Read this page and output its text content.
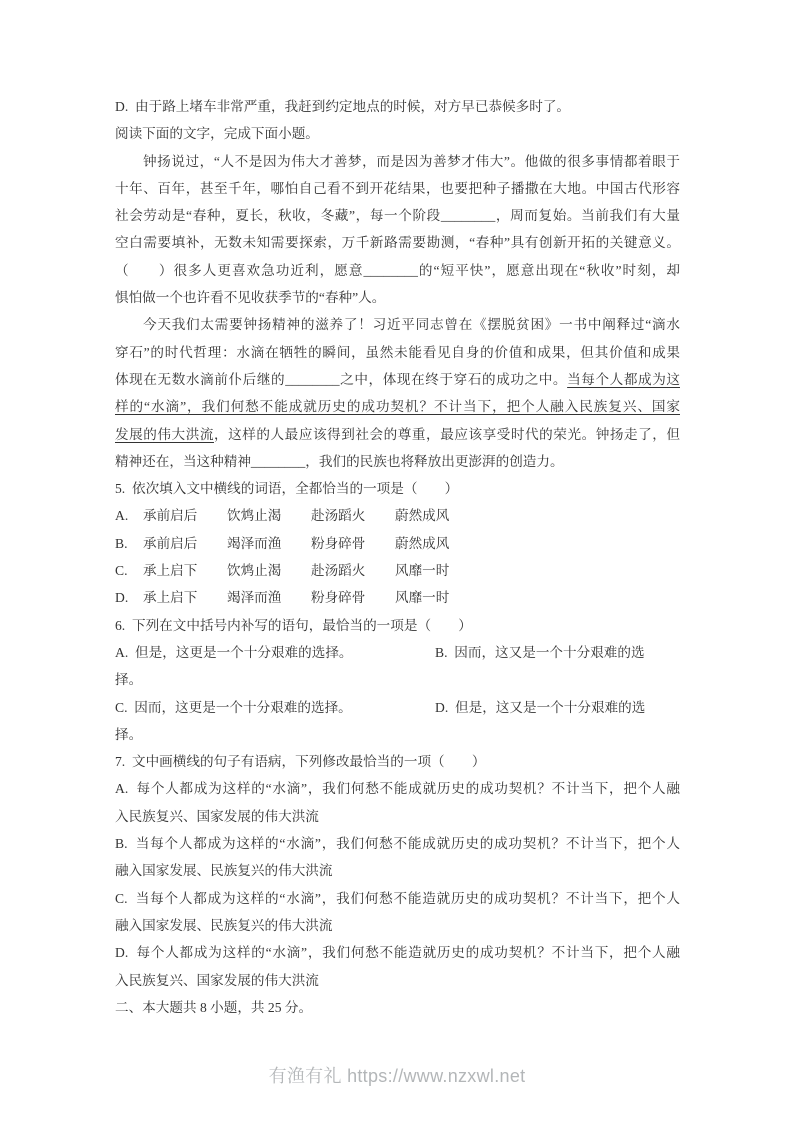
D.  由于路上堵车非常严重，我赶到约定地点的时候，对方早已恭候多时了。
阅读下面的文字，完成下面小题。
钟扬说过，“人不是因为伟大才善梦，而是因为善梦才伟大”。他做的很多事情都着眼于
十年、百年，甚至千年，哪怕自己看不到开花结果，也要把种子播撒在大地。中国古代形容
社会劳动是“春种，夏长，秋收，冬藏”，每一个阶段________，周而复始。当前我们有大量
空白需要填补，无数未知需要探索，万千新路需要勘测，“春种”具有创新开拓的关键意义。
（　　）很多人更喜欢急功近利，愿意________的“短平快”，愿意出现在“秋收”时刻，却
惧怕做一个也许看不见收获季节的“春种”人。
今天我们太需要钟扬精神的滋养了！习近平同志曾在《摆脱贫困》一书中阐释过“滴水
穿石”的时代哲理：水滴在牺牲的瞬间，虽然未能看见自身的价值和成果，但其价值和成果
体现在无数水滴前仆后继的________之中，体现在终于穿石的成功之中。当每个人都成为这
样的“水滴”，我们何愁不能成就历史的成功契机？不计当下，把个人融入民族复兴、国家
发展的伟大洪流，这样的人最应该得到社会的尊重，最应该享受时代的荣光。钟扬走了，但
精神还在，当这种精神________，我们的民族也将释放出更澎湃的创造力。
5.  依次填入文中横线的词语，全都恰当的一项是（　　）
A.	承前启后	饮鸩止渴	赴汤蹈火	蔚然成风
B.	承前启后	竭泽而渔	粉身碎骨	蔚然成风
C.	承上启下	饮鸩止渴	赴汤蹈火	风靡一时
D.	承上启下	竭泽而渔	粉身碎骨	风靡一时
6.  下列在文中括号内补写的语句，最恰当的一项是（　　）
A.  但是，这更是一个十分艰难的选择。	B.  因而，这又是一个十分艰难的选
择。
C.  因而，这更是一个十分艰难的选择。	D.  但是，这又是一个十分艰难的选
择。
7.  文中画横线的句子有语病，下列修改最恰当的一项（　　）
A.  每个人都成为这样的“水滴”，我们何愁不能成就历史的成功契机？不计当下，把个人融
入民族复兴、国家发展的伟大洪流
B.  当每个人都成为这样的“水滴”，我们何愁不能成就历史的成功契机？不计当下，把个人
融入国家发展、民族复兴的伟大洪流
C.  当每个人都成为这样的“水滴”，我们何愁不能造就历史的成功契机？不计当下，把个人
融入国家发展、民族复兴的伟大洪流
D.  每个人都成为这样的“水滴”，我们何愁不能造就历史的成功契机？不计当下，把个人融
入民族复兴、国家发展的伟大洪流
二、本大题共 8 小题，共 25 分。
有渔有礼 https://www.nzxwl.net
